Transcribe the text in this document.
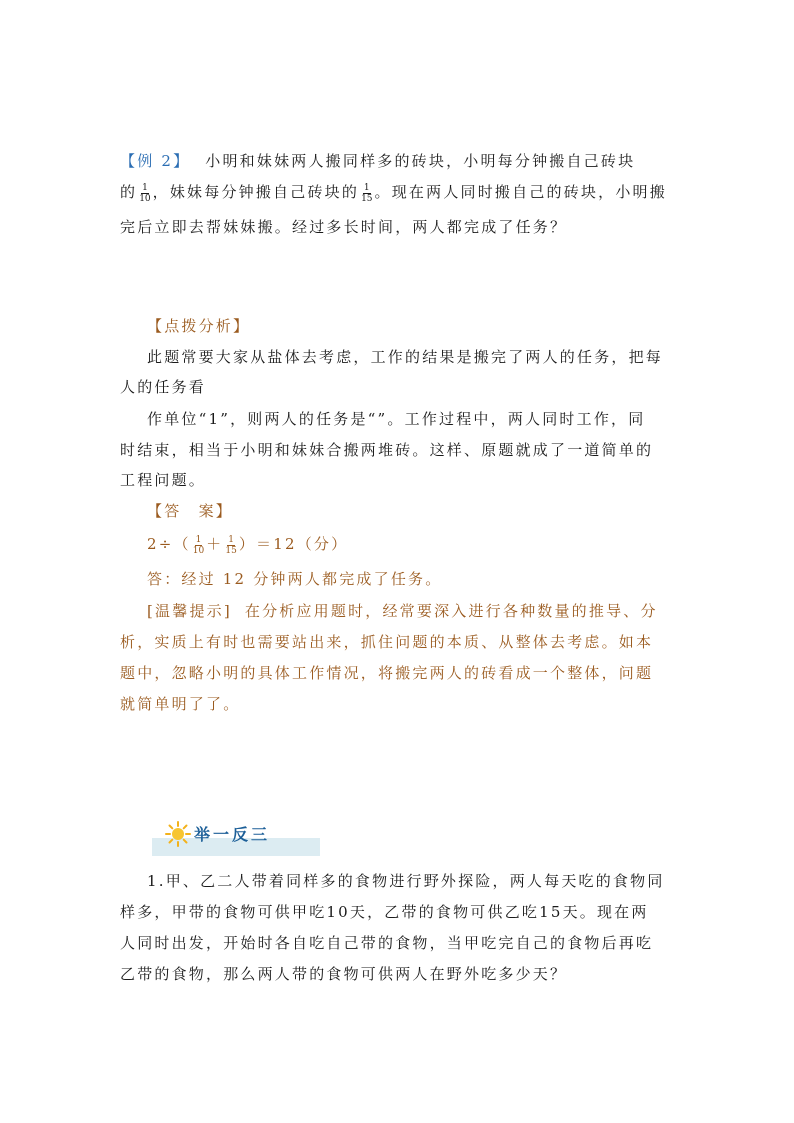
【例 2】 小明和妹妹两人搬同样多的砖块，小明每分钟搬自己砖块
的 $\frac{1}{10}$ ，妹妹每分钟搬自己砖块的 $\frac{1}{15}$ 。现在两人同时搬自己的砖块，小明搬
完后立即去帮妹妹搬。经过多长时间，两人都完成了任务？
【点拨分析】
此题常要大家从盐体去考虑，工作的结果是搬完了两人的任务，把每
人的任务看
作单位“1”，则两人的任务是“”。工作过程中，两人同时工作，同
时结束，相当于小明和妹妹合搬两堆砖。这样、原题就成了一道简单的
工程问题。
【答　案】
$2\div( \frac{1}{10} + \frac{1}{15} )=12$（分）
答：经过 12 分钟两人都完成了任务。
[温馨提示] 在分析应用题时，经常要深入进行各种数量的推导、分
析，实质上有时也需要站出来，抓住问题的本质、从整体去考虑。如本
题中，忽略小明的具体工作情况，将搬完两人的砖看成一个整体，问题
就简单明了了。
举一反三
1.甲、乙二人带着同样多的食物进行野外探险，两人每天吃的食物同
样多，甲带的食物可供甲吃10天，乙带的食物可供乙吃15天。现在两
人同时出发，开始时各自吃自己带的食物，当甲吃完自己的食物后再吃
乙带的食物，那么两人带的食物可供两人在野外吃多少天？
